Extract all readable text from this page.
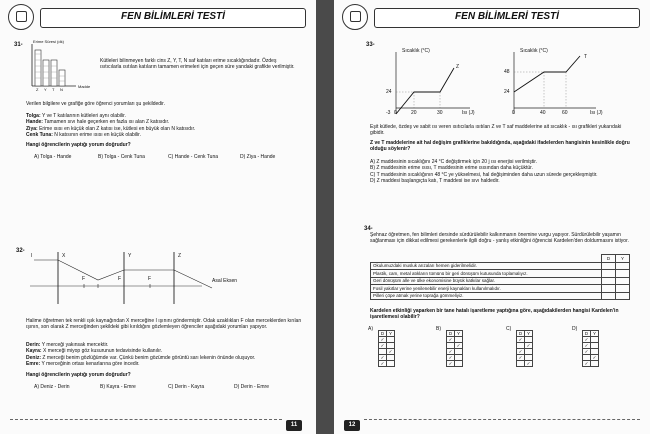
FEN BİLİMLERİ TESTİ
31-
Erime Süresi (dk)
Z Y T N
Madde
Kütleleri bilinmeyen farklı cins Z, Y, T, N saf katıları erime sıcaklığındadır. Özdeş ısıtıcılarla ısıtılan katıların tamamen erimeleri için geçen süre yandaki grafikte verilmiştir.
Verilen bilgilere ve grafiğe göre öğrenci yorumları şu şekildedir.
Tolga: Y ve T katılarının kütleleri aynı olabilir.
Hande: Tamamen sıvı hale geçerken en fazla ısı alan Z katısıdır.
Ziya: Erime ısısı en küçük olan Z katısı ise, kütlesi en büyük olan N katısıdır.
Cenk Tuna: N katısının erime ısısı en küçük olabilir.
Hangi öğrencilerin yaptığı yorum doğrudur?
A) Tolga - Hande	B) Tolga - Cenk Tuna	C) Hande - Cenk Tuna	D) Ziya - Hande
32-
I	X	Y	Z
F	F	F	Asal Eksen
Halime öğretmen tek renkli ışık kaynağından X merceğine I ışınını göndermiştir. Odak uzaklıkları F olan merceklerden kırılan ışının, son olarak Z merceğinden şekildeki gibi kırıldığını gözlemleyen öğrenciler aşağıdaki yorumları yapıyor.
Derin: Y merceği yakınsak mercektir.
Kayra: X merceği miyop göz kusurunun tedavisinde kullanılır.
Deniz: Z merceği benim gözlüğümde var. Çünkü benim gözümde görüntü sarı lekenin önünde oluşuyor.
Emre: Y merceğinin ortası kenarlarına göre incedir.
Hangi öğrencilerin yaptığı yorum doğrudur?
A) Deniz - Derin	B) Kayra - Emre	C) Derin - Kayra	D) Derin - Emre
11
FEN BİLİMLERİ TESTİ
33-
Sıcaklık (°C)
Z
24
-3 0	20	30	Isı (J)
Sıcaklık (°C)
T
48
24
0	40	60	Isı (J)
Eşit kütlede, özdeş ve sabit ısı veren ısıtıcılarla ısıtılan Z ve T saf maddelerine ait sıcaklık - ısı grafikleri yukarıdaki gibidir.
Z ve T maddelerine ait hal değişim grafiklerine bakıldığında, aşağıdaki ifadelerden hangisinin kesinlikle doğru olduğu söylenir?
A) Z maddesinin sıcaklığını 24 °C değiştirmek için 20 j ısı enerjisi verilmiştir.
B) Z maddesinin erime ısısı, T maddesinin erime ısısından daha küçüktür.
C) T maddesinin sıcaklığının 48 °C ye yükselmesi, hal değişiminden daha uzun sürede gerçekleşmiştir.
D) Z maddesi başlangıçta katı, T maddesi ise sıvı haldedir.
34-
Şehnaz öğretmen, fen bilimleri dersinde sürdürülebilir kalkınmanın önemine vurgu yapıyor. Sürdürülebilir yaşamın sağlanması için dikkat edilmesi gerekenlerle ilgili doğru - yanlış etkinliğini öğrencisi Kardelen'den doldurmasını istiyor.
	D	Y
Okulumuzdaki musluk arızaları hemen giderilmelidir.		
Plastik, cam, metal atıkların tümünü bir geri dönüşüm kutusunda toplamalıyız.		
Geri dönüşüm alle ve ülke ekonomisine büyük katkılar sağlar.		
Fosil yakıtlar yerine yenilenebilir enerji kaynakları kullanılmalıdır.		
Pilleri çöpe atmak yerine toprağa gömmeliyiz.		
Kardelen etkinliği yaparken bir tane hatalı işaretleme yaptığına göre, aşağıdakilerden hangisi Kardelen'in işaretlemesi olabilir?
A)
D	Y
✓	
✓	
	✓
✓	
✓	
B)
D	Y
✓	
	✓
✓	
✓	
✓	
C)
D	Y
✓	
	✓
✓	
✓	
	✓
D)
D	Y
✓	
✓	
✓	
	✓
✓	
12
